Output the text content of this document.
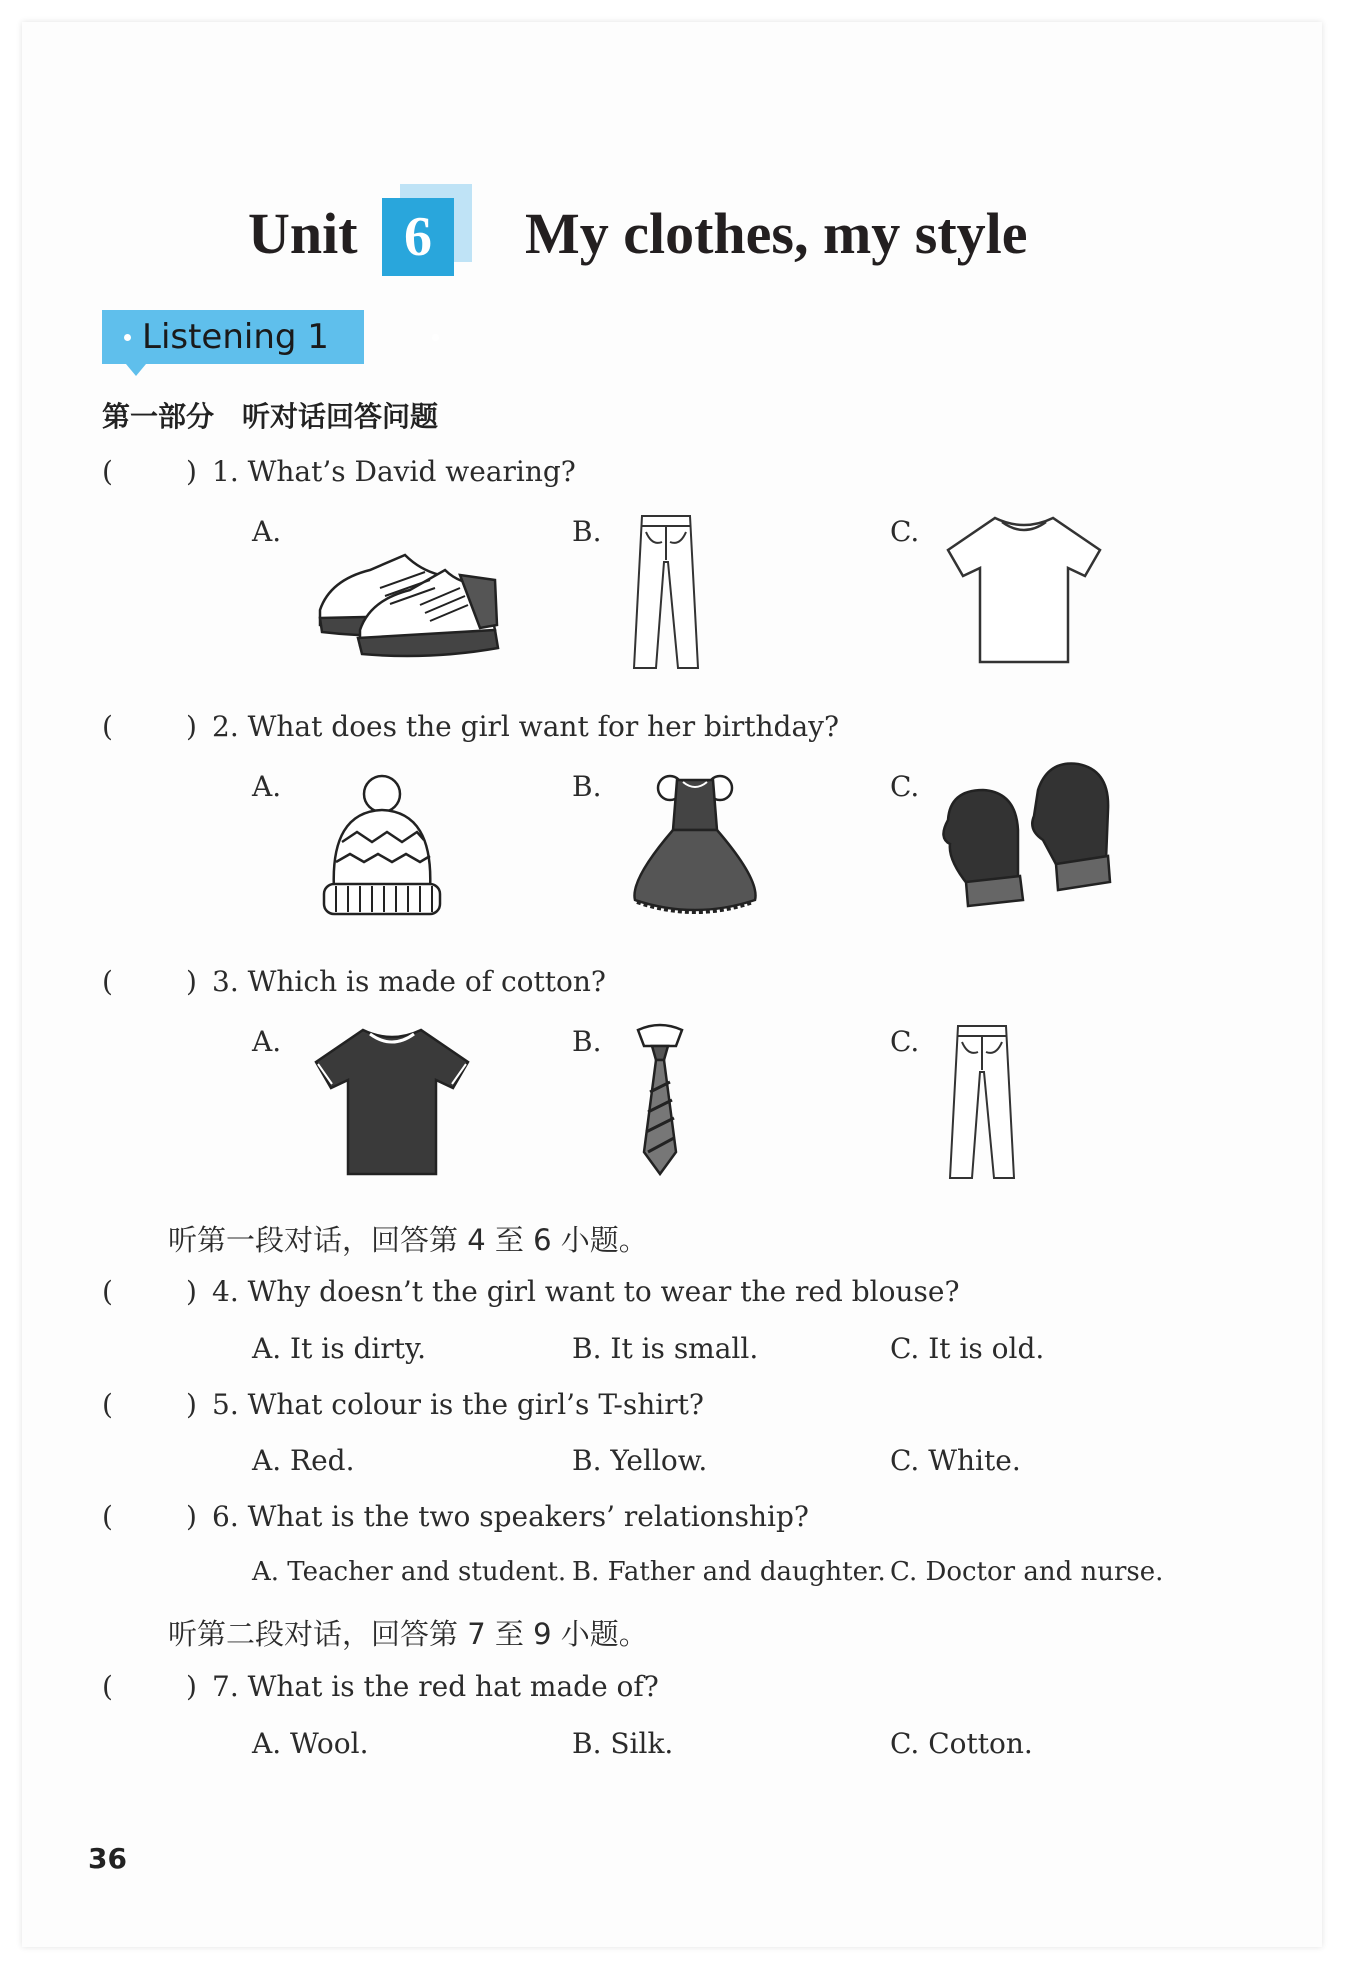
Unit 6	My clothes, my style
Listening 1
第一部分　听对话回答问题
(	) 1. What’s David wearing?
A.	B.	C.
(	) 2. What does the girl want for her birthday?
A.	B.	C.
(	) 3. Which is made of cotton?
A.	B.	C.
听第一段对话，回答第 4 至 6 小题。
(	) 4. Why doesn’t the girl want to wear the red blouse?
A. It is dirty.	B. It is small.	C. It is old.
(	) 5. What colour is the girl’s T-shirt?
A. Red.	B. Yellow.	C. White.
(	) 6. What is the two speakers’ relationship?
A. Teacher and student. B. Father and daughter. C. Doctor and nurse.
听第二段对话，回答第 7 至 9 小题。
(	) 7. What is the red hat made of?
A. Wool.	B. Silk.	C. Cotton.
36
